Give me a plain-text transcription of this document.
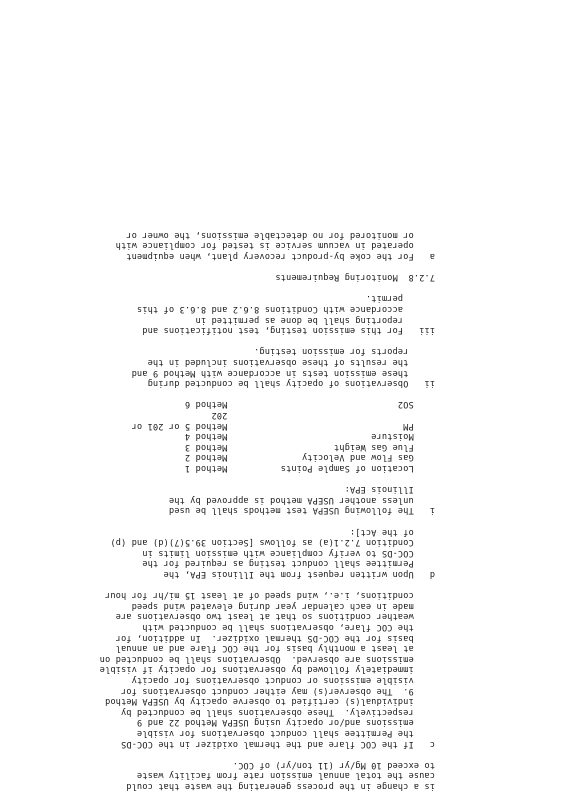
is a change in the process generating the waste that could
cause the total annual emission rate from facility waste
to exceed 10 Mg/yr (11 ton/yr) of COC.
c   If the COC flare and the thermal oxidizer in the COC-DS
the Permittee shall conduct observations for visible
emissions and/or opacity using USEPA Method 22 and 9
respectively.  These observations shall be conducted by
individual(s) certified to observe opacity by USEPA Method
9.  The observer(s) may either conduct observations for
visible emissions or conduct observations for opacity
immediately followed by observations for opacity if visible
emissions are observed.  Observations shall be conducted on
at least a monthly basis for the COC flare and an annual
basis for the COC-DS thermal oxidizer.  In addition, for
the COC flare, observations shall be conducted with
weather conditions so that at least two observations are
made in each calendar year during elevated wind speed
conditions, i.e., wind speed of at least 15 mi/hr for hour
d   Upon written request from the Illinois EPA, the
Permittee shall conduct testing as required for the
COC-DS to verify compliance with emission limits in
Condition 7.2.1(a) as follows [Section 39.5(7)(d) and (p)
of the Act]:
i   The following USEPA test methods shall be used
unless another USEPA method is approved by the
Illinois EPA:
Location of Sample Points          Method 1
Gas Flow and Velocity              Method 2
Flue Gas Weight                    Method 3
Moisture                           Method 4
PM                                 Method 5 or 201 or
202
SO2                                Method 6
ii   Observations of opacity shall be conducted during
these emission tests in accordance with Method 9 and
the results of these observations included in the
reports for emission testing.
iii   For this emission testing, test notifications and
reporting shall be done as permitted in
accordance with Conditions 8.6.2 and 8.6.3 of this
permit.
7.2.8  Monitoring Requirements
a   For the coke by-product recovery plant, when equipment
operated in vacuum service is tested for compliance with
or monitored for no detectable emissions, the owner or
